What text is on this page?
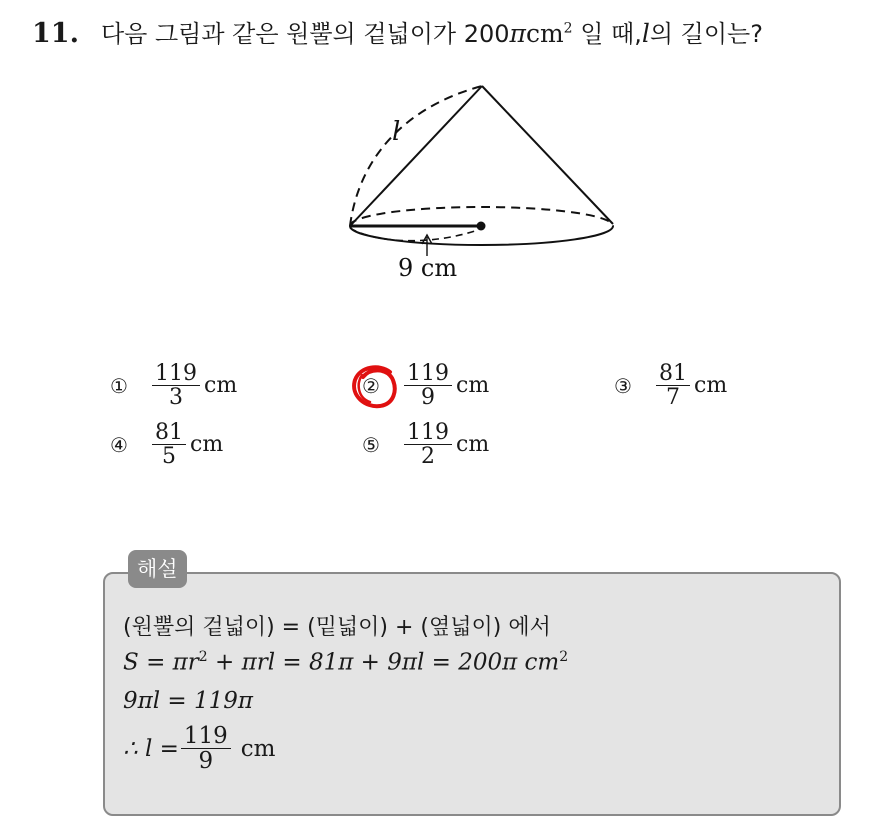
11. 다음 그림과 같은 원뿔의 겉넓이가 200πcm$^2$ 일 때,l의 길이는?
l
9 cm
①	$\frac{119}{3}$ cm	②	$\frac{119}{9}$ cm	③	$\frac{81}{7}$ cm
④	$\frac{81}{5}$ cm	⑤	$\frac{119}{2}$ cm
해설
(원뿔의 겉넓이) = (밑넓이) + (옆넓이) 에서
$S = \pi r^2 + \pi rl = 81\pi + 9\pi l = 200\pi$ $cm^2$
9πl = 119π
∴ $l = \frac{119}{9}$ cm
